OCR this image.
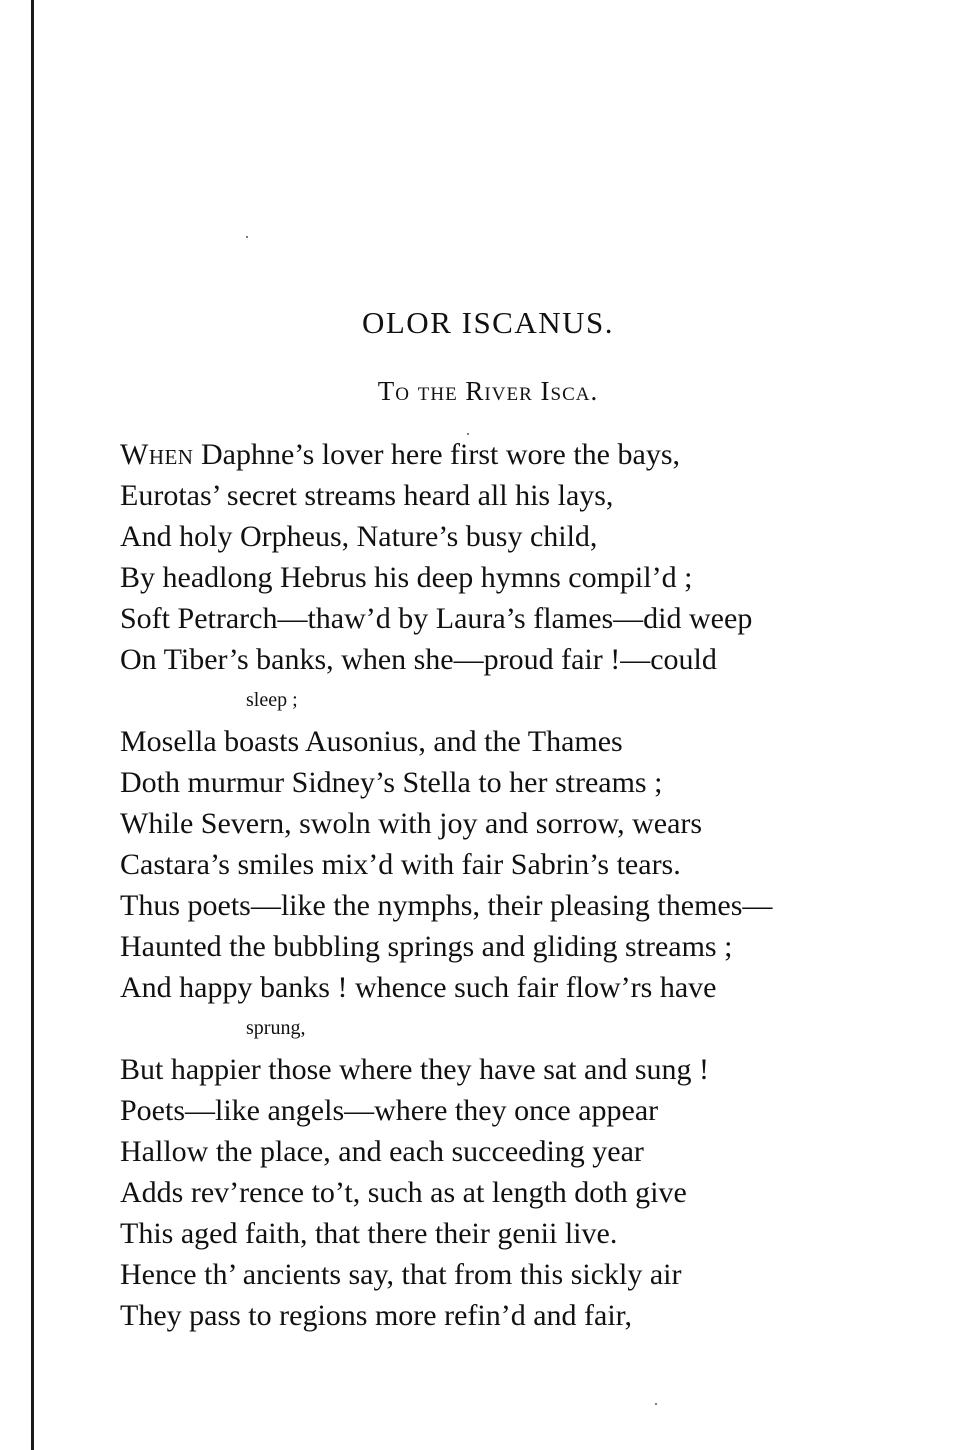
OLOR ISCANUS.
To the River Isca.
When Daphne’s lover here first wore the bays,
Eurotas’ secret streams heard all his lays,
And holy Orpheus, Nature’s busy child,
By headlong Hebrus his deep hymns compil’d ;
Soft Petrarch—thaw’d by Laura’s flames—did weep
On Tiber’s banks, when she—proud fair !—could
sleep ;
Mosella boasts Ausonius, and the Thames
Doth murmur Sidney’s Stella to her streams ;
While Severn, swoln with joy and sorrow, wears
Castara’s smiles mix’d with fair Sabrin’s tears.
Thus poets—like the nymphs, their pleasing themes—
Haunted the bubbling springs and gliding streams ;
And happy banks ! whence such fair flow’rs have
sprung,
But happier those where they have sat and sung !
Poets—like angels—where they once appear
Hallow the place, and each succeeding year
Adds rev’rence to’t, such as at length doth give
This aged faith, that there their genii live.
Hence th’ ancients say, that from this sickly air
They pass to regions more refin’d and fair,
